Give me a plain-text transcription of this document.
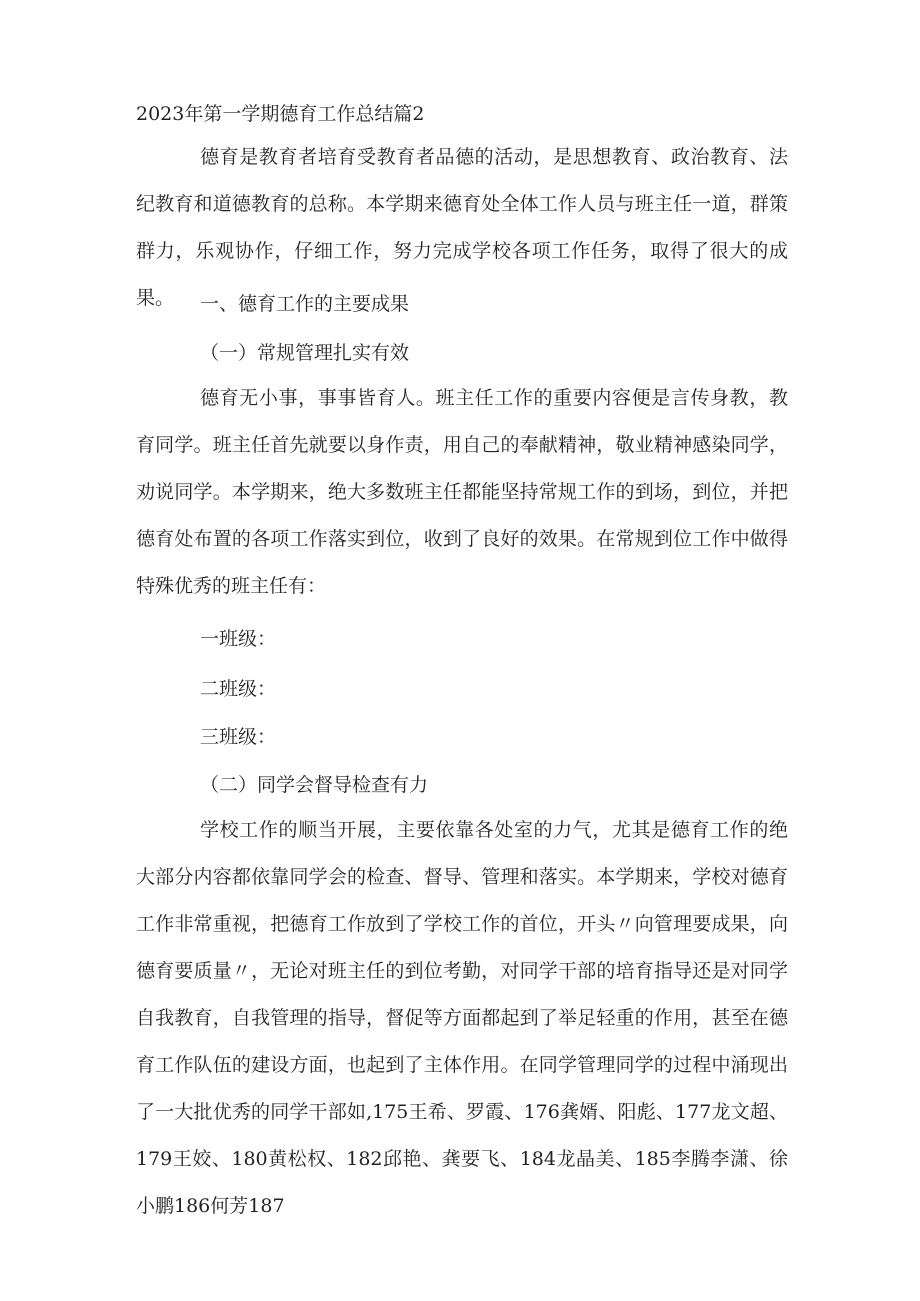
2023年第一学期德育工作总结篇2

德育是教育者培育受教育者品德的活动，是思想教育、政治教育、法纪教育和道德教育的总称。本学期来德育处全体工作人员与班主任一道，群策群力，乐观协作，仔细工作，努力完成学校各项工作任务，取得了很大的成果。	一、德育工作的主要成果
（一）常规管理扎实有效

德育无小事，事事皆育人。班主任工作的重要内容便是言传身教，教育同学。班主任首先就要以身作责，用自己的奉献精神，敬业精神感染同学，劝说同学。本学期来，绝大多数班主任都能坚持常规工作的到场，到位，并把德育处布置的各项工作落实到位，收到了良好的效果。在常规到位工作中做得特殊优秀的班主任有：

一班级：
二班级：
三班级：
（二）同学会督导检查有力

学校工作的顺当开展，主要依靠各处室的力气，尤其是德育工作的绝大部分内容都依靠同学会的检查、督导、管理和落实。本学期来，学校对德育工作非常重视，把德育工作放到了学校工作的首位，开头〃向管理要成果，向德育要质量〃，无论对班主任的到位考勤，对同学干部的培育指导还是对同学自我教育，自我管理的指导，督促等方面都起到了举足轻重的作用，甚至在德育工作队伍的建设方面，也起到了主体作用。在同学管理同学的过程中涌现出了一大批优秀的同学干部如,175王希、罗霞、176龚婿、阳彪、177龙文超、179王姣、180黄松权、182邱艳、龚要飞、184龙晶美、185李腾李潇、徐小鹏186何芳187
